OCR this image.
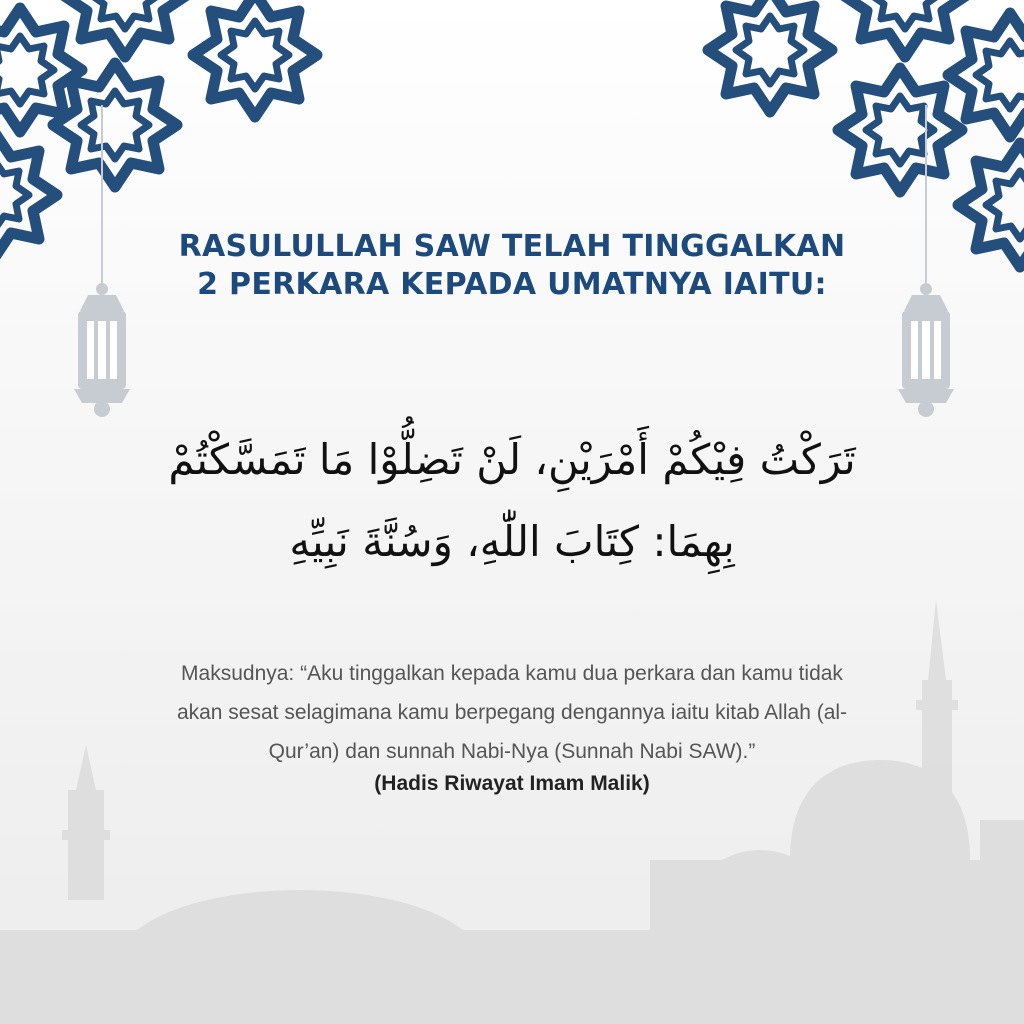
RASULULLAH SAW TELAH TINGGALKAN
2 PERKARA KEPADA UMATNYA IAITU:
تَرَكْتُ فِيْكُمْ أَمْرَيْنِ، لَنْ تَضِلُّوْا مَا تَمَسَّكْتُمْ
بِهِمَا: كِتَابَ اللّٰهِ، وَسُنَّةَ نَبِيِّهِ
Maksudnya: “Aku tinggalkan kepada kamu dua perkara dan kamu tidak
akan sesat selagimana kamu berpegang dengannya iaitu kitab Allah (al-
Qur’an) dan sunnah Nabi-Nya (Sunnah Nabi SAW).”
(Hadis Riwayat Imam Malik)
